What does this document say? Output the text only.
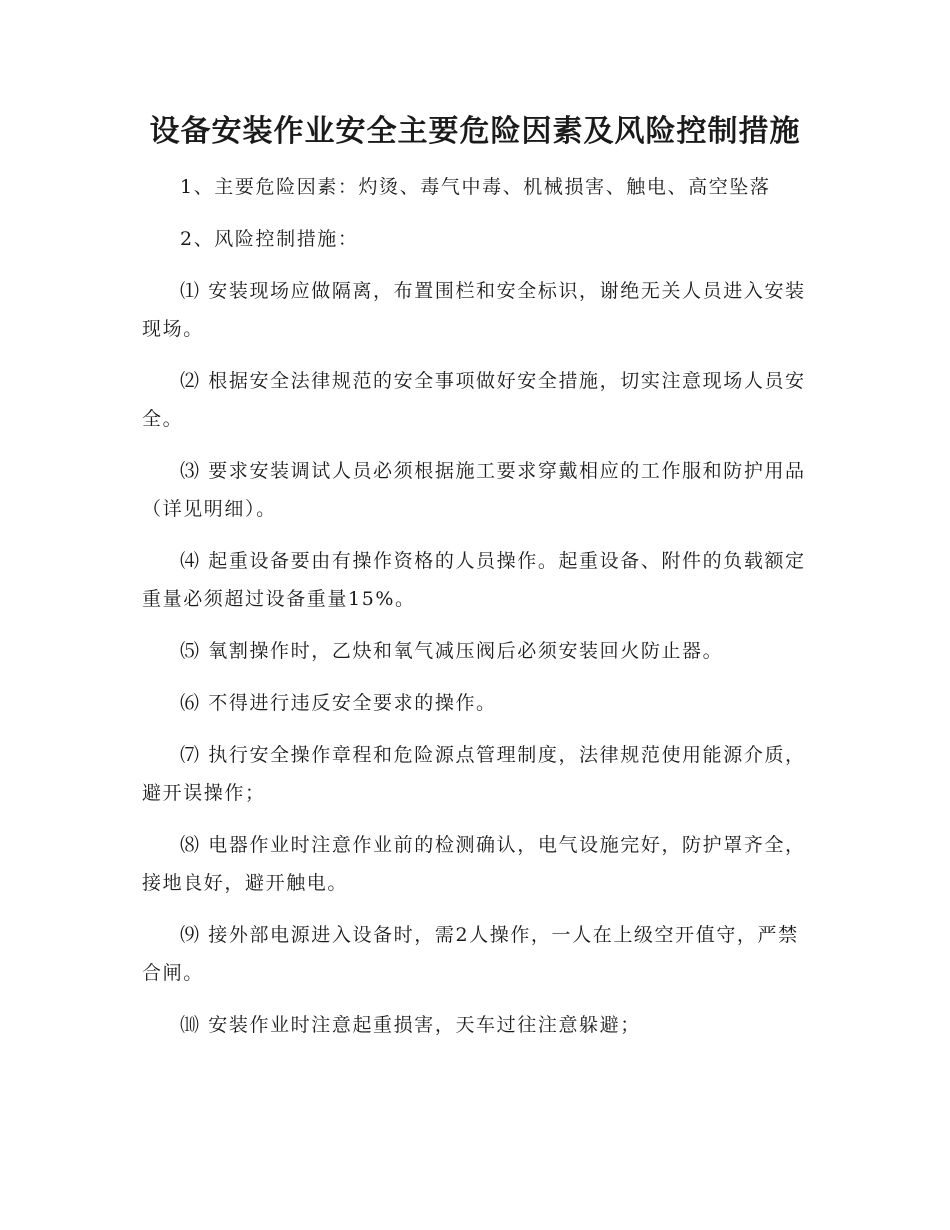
设备安装作业安全主要危险因素及风险控制措施

1、主要危险因素：灼烫、毒气中毒、机械损害、触电、高空坠落

2、风险控制措施：

⑴ 安装现场应做隔离，布置围栏和安全标识，谢绝无关人员进入安装现场。

⑵ 根据安全法律规范的安全事项做好安全措施，切实注意现场人员安全。

⑶ 要求安装调试人员必须根据施工要求穿戴相应的工作服和防护用品（详见明细）。

⑷ 起重设备要由有操作资格的人员操作。起重设备、附件的负载额定重量必须超过设备重量15%。

⑸ 氧割操作时，乙炔和氧气减压阀后必须安装回火防止器。

⑹ 不得进行违反安全要求的操作。

⑺ 执行安全操作章程和危险源点管理制度，法律规范使用能源介质，避开误操作；

⑻ 电器作业时注意作业前的检测确认，电气设施完好，防护罩齐全，接地良好，避开触电。

⑼ 接外部电源进入设备时，需2人操作，一人在上级空开值守，严禁合闸。

⑽ 安装作业时注意起重损害，天车过往注意躲避；
